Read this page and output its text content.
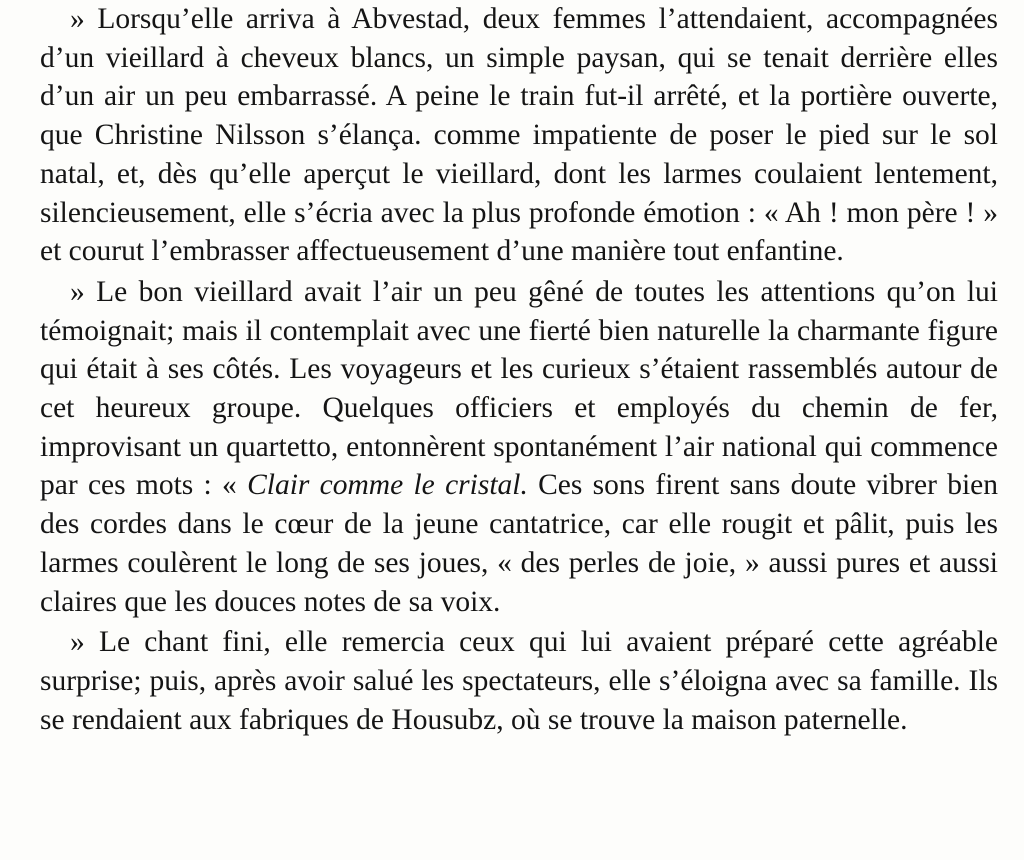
» Lorsqu’elle arriva à Abvestad, deux femmes l’attendaient, accompagnées d’un vieillard à cheveux blancs, un simple paysan, qui se tenait derrière elles d’un air un peu embarrassé. A peine le train fut-il arrêté, et la portière ouverte, que Christine Nilsson s’élança. comme impatiente de poser le pied sur le sol natal, et, dès qu’elle aperçut le vieillard, dont les larmes coulaient lentement, silencieusement, elle s’écria avec la plus profonde émotion : « Ah ! mon père ! » et courut l’embrasser affectueusement d’une manière tout enfantine.

» Le bon vieillard avait l’air un peu gêné de toutes les attentions qu’on lui témoignait; mais il contemplait avec une fierté bien naturelle la charmante figure qui était à ses côtés. Les voyageurs et les curieux s’étaient rassemblés autour de cet heureux groupe. Quelques officiers et employés du chemin de fer, improvisant un quartetto, entonnèrent spontanément l’air national qui commence par ces mots : « Clair comme le cristal. Ces sons firent sans doute vibrer bien des cordes dans le cœur de la jeune cantatrice, car elle rougit et pâlit, puis les larmes coulèrent le long de ses joues, « des perles de joie, » aussi pures et aussi claires que les douces notes de sa voix.

» Le chant fini, elle remercia ceux qui lui avaient préparé cette agréable surprise; puis, après avoir salué les spectateurs, elle s’éloigna avec sa famille. Ils se rendaient aux fabriques de Housubz, où se trouve la maison paternelle.
